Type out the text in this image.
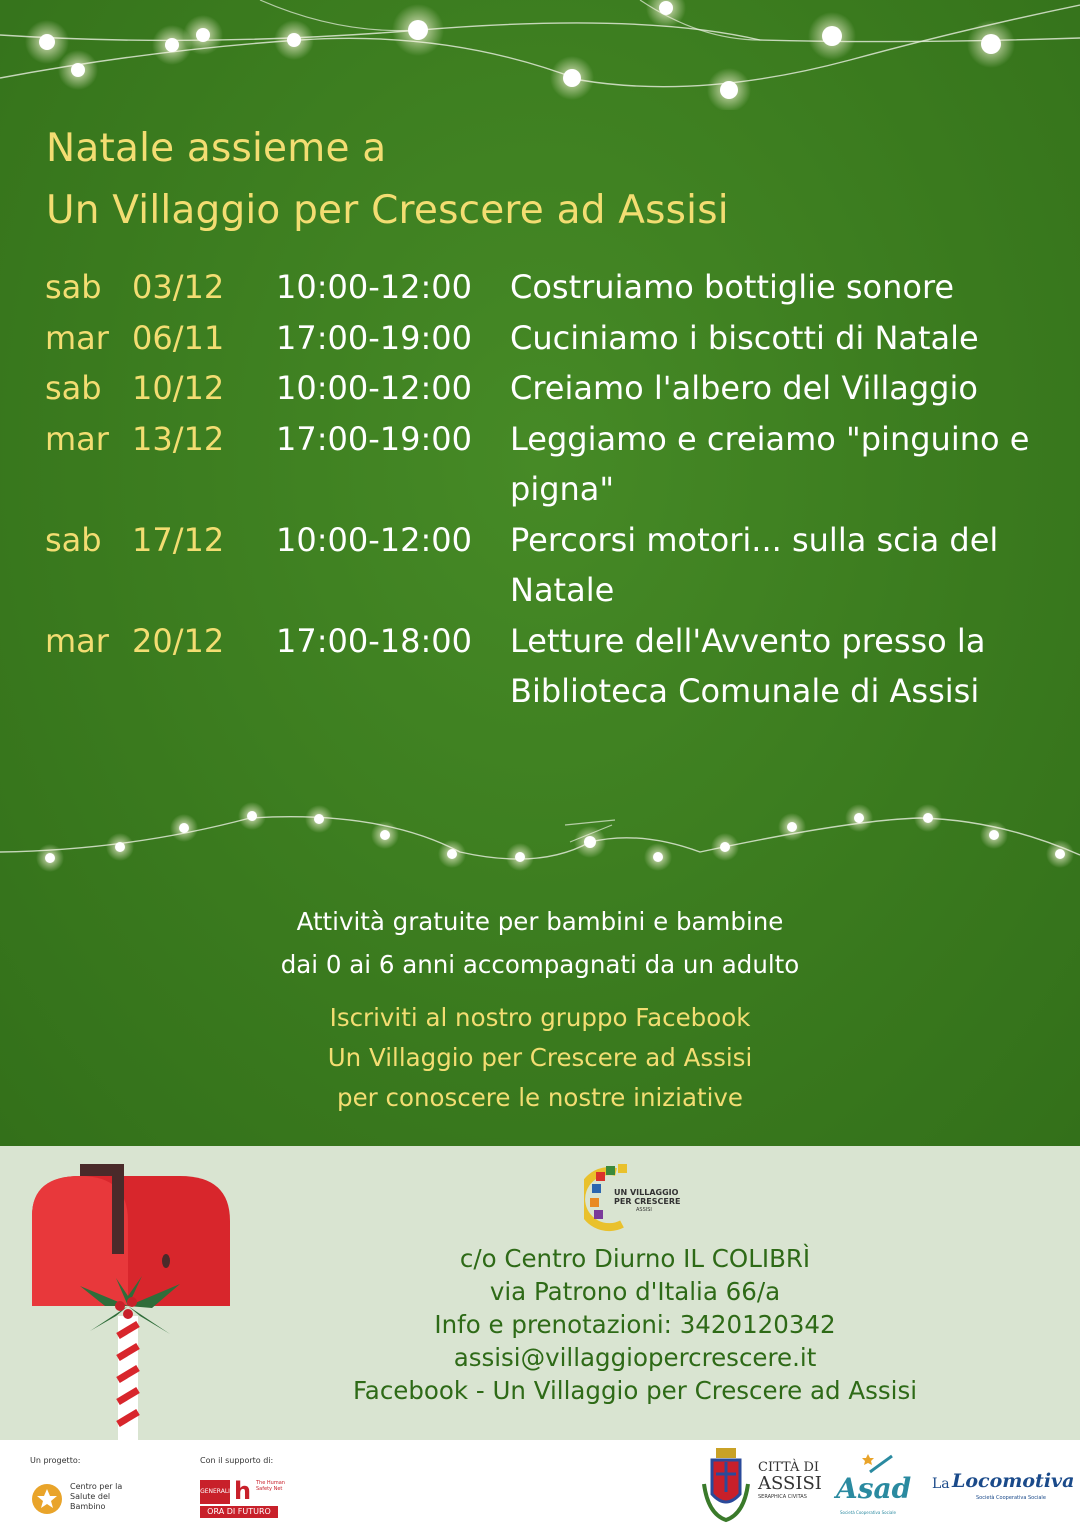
Natale assieme a
Un Villaggio per Crescere ad Assisi
sab 03/12	10:00-12:00	Costruiamo bottiglie sonore
mar 06/11	17:00-19:00	Cuciniamo i biscotti di Natale
sab 10/12	10:00-12:00	Creiamo l'albero del Villaggio
mar 13/12	17:00-19:00	Leggiamo e creiamo "pinguino e pigna"
sab 17/12	10:00-12:00	Percorsi motori... sulla scia del Natale
mar 20/12	17:00-18:00	Letture dell'Avvento presso la Biblioteca Comunale di Assisi
Attività gratuite per bambini e bambine
dai 0 ai 6 anni accompagnati da un adulto
Iscriviti al nostro gruppo Facebook
Un Villaggio per Crescere ad Assisi
per conoscere le nostre iniziative
UN VILLAGGIO
PER CRESCERE
ASSISI
c/o Centro Diurno IL COLIBRÌ
via Patrono d'Italia 66/a
Info e prenotazioni: 3420120342
assisi@villaggiopercrescere.it
Facebook - Un Villaggio per Crescere ad Assisi
Un progetto:
Centro per la Salute del Bambino
Con il supporto di:
GENERALI h The Human Safety Net
ORA DI FUTURO
CITTÀ DI
ASSISI
SERAPHICA CIVITAS	Asad
Società Cooperativa Sociale
La Locomotiva
Società Cooperativa Sociale
